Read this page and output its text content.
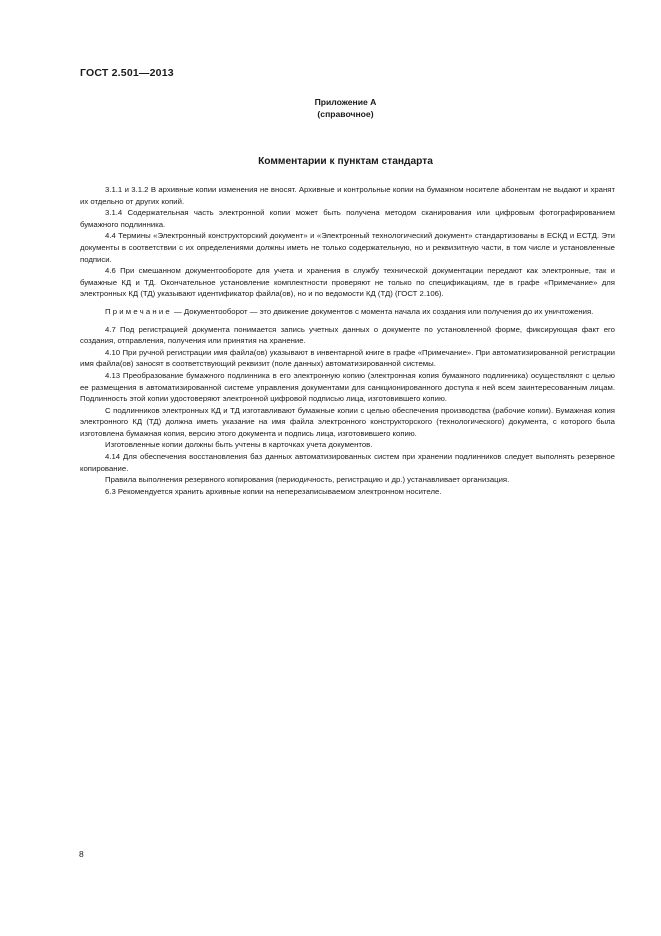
ГОСТ 2.501—2013
Приложение А
(справочное)
Комментарии к пунктам стандарта

3.1.1 и 3.1.2 В архивные копии изменения не вносят. Архивные и контрольные копии на бумажном носителе абонентам не выдают и хранят их отдельно от других копий.

3.1.4 Содержательная часть электронной копии может быть получена методом сканирования или цифровым фотографированием бумажного подлинника.

4.4 Термины «Электронный конструкторский документ» и «Электронный технологический документ» стандартизованы в ЕСКД и ЕСТД. Эти документы в соответствии с их определениями должны иметь не только содержательную, но и реквизитную части, в том числе и установленные подписи.

4.6 При смешанном документообороте для учета и хранения в службу технической документации передают как электронные, так и бумажные КД и ТД. Окончательное установление комплектности проверяют не только по спецификациям, где в графе «Примечание» для электронных КД (ТД) указывают идентификатор файла(ов), но и по ведомости КД (ТД) (ГОСТ 2.106).

Примечание — Документооборот — это движение документов с момента начала их создания или получения до их уничтожения.

4.7 Под регистрацией документа понимается запись учетных данных о документе по установленной форме, фиксирующая факт его создания, отправления, получения или принятия на хранение.

4.10 При ручной регистрации имя файла(ов) указывают в инвентарной книге в графе «Примечание». При автоматизированной регистрации имя файла(ов) заносят в соответствующий реквизит (поле данных) автоматизированной системы.

4.13 Преобразование бумажного подлинника в его электронную копию (электронная копия бумажного подлинника) осуществляют с целью ее размещения в автоматизированной системе управления документами для санкционированного доступа к ней всем заинтересованным лицам. Подлинность этой копии удостоверяют электронной цифровой подписью лица, изготовившего копию.

С подлинников электронных КД и ТД изготавливают бумажные копии с целью обеспечения производства (рабочие копии). Бумажная копия электронного КД (ТД) должна иметь указание на имя файла электронного конструкторского (технологического) документа, с которого была изготовлена бумажная копия, версию этого документа и подпись лица, изготовившего копию.

Изготовленные копии должны быть учтены в карточках учета документов.

4.14 Для обеспечения восстановления баз данных автоматизированных систем при хранении подлинников следует выполнять резервное копирование.

Правила выполнения резервного копирования (периодичность, регистрацию и др.) устанавливает организация.

6.3 Рекомендуется хранить архивные копии на неперезаписываемом электронном носителе.

8
